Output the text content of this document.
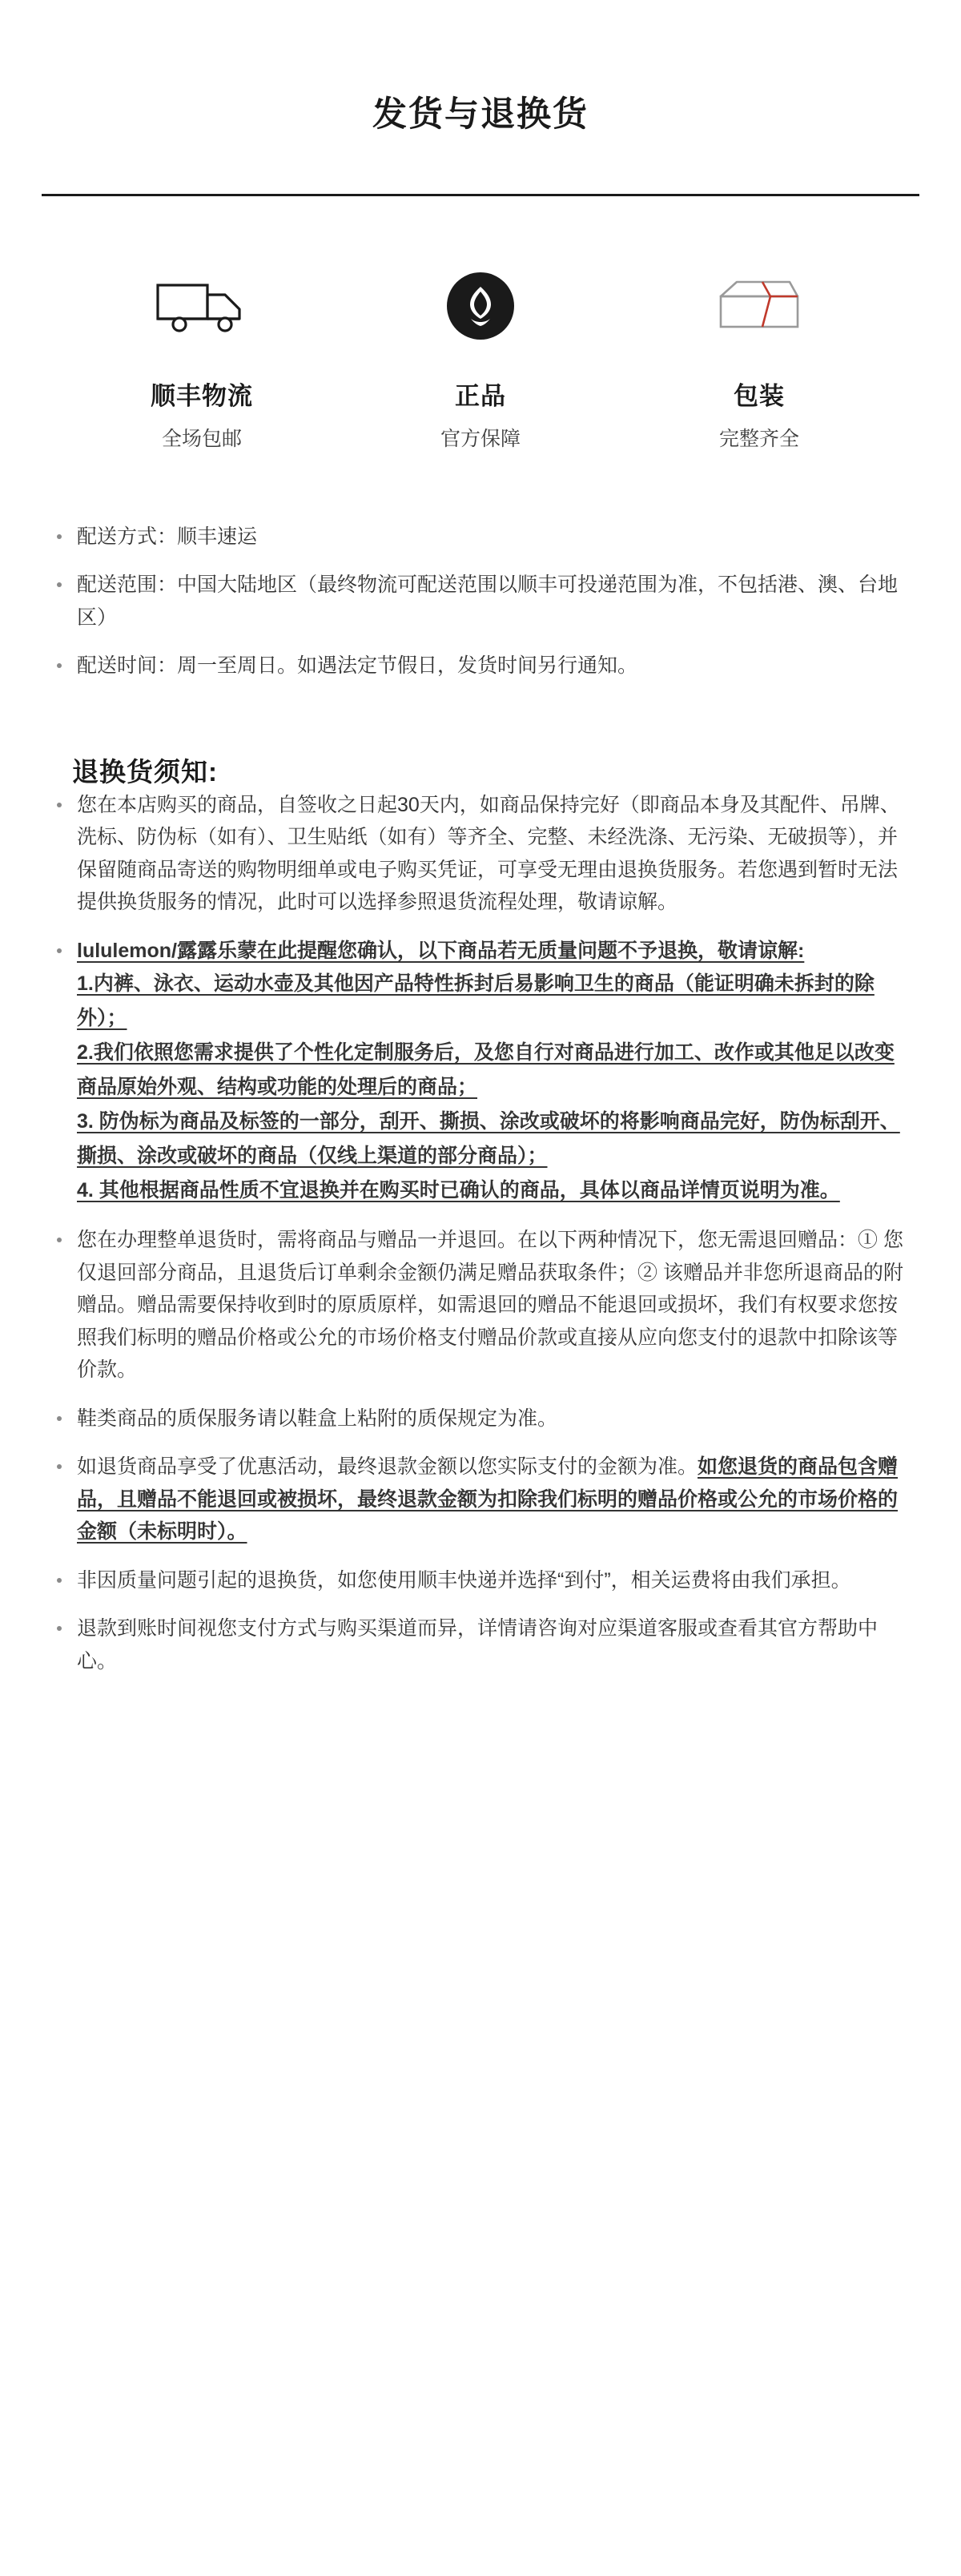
发货与退换货
顺丰物流
全场包邮
正品
官方保障
包装
完整齐全
配送方式：顺丰速运
配送范围：中国大陆地区（最终物流可配送范围以顺丰可投递范围为准，不包括港、澳、台地区）
配送时间：周一至周日。如遇法定节假日，发货时间另行通知。
退换货须知:
您在本店购买的商品，自签收之日起30天内，如商品保持完好（即商品本身及其配件、吊牌、洗标、防伪标（如有）、卫生贴纸（如有）等齐全、完整、未经洗涤、无污染、无破损等），并保留随商品寄送的购物明细单或电子购买凭证，可享受无理由退换货服务。若您遇到暂时无法提供换货服务的情况，此时可以选择参照退货流程处理，敬请谅解。
lululemon/露露乐蒙在此提醒您确认，以下商品若无质量问题不予退换，敬请谅解:
1.内裤、泳衣、运动水壶及其他因产品特性拆封后易影响卫生的商品（能证明确未拆封的除外）；
2.我们依照您需求提供了个性化定制服务后，及您自行对商品进行加工、改作或其他足以改变商品原始外观、结构或功能的处理后的商品；
3. 防伪标为商品及标签的一部分，刮开、撕损、涂改或破坏的将影响商品完好，防伪标刮开、撕损、涂改或破坏的商品（仅线上渠道的部分商品）；
4. 其他根据商品性质不宜退换并在购买时已确认的商品，具体以商品详情页说明为准。
您在办理整单退货时，需将商品与赠品一并退回。在以下两种情况下，您无需退回赠品：① 您仅退回部分商品，且退货后订单剩余金额仍满足赠品获取条件；② 该赠品并非您所退商品的附赠品。赠品需要保持收到时的原质原样，如需退回的赠品不能退回或损坏，我们有权要求您按照我们标明的赠品价格或公允的市场价格支付赠品价款或直接从应向您支付的退款中扣除该等价款。
鞋类商品的质保服务请以鞋盒上粘附的质保规定为准。
如退货商品享受了优惠活动，最终退款金额以您实际支付的金额为准。如您退货的商品包含赠品，且赠品不能退回或被损坏，最终退款金额为扣除我们标明的赠品价格或公允的市场价格的金额（未标明时）。
非因质量问题引起的退换货，如您使用顺丰快递并选择“到付”，相关运费将由我们承担。
退款到账时间视您支付方式与购买渠道而异，详情请咨询对应渠道客服或查看其官方帮助中心。
